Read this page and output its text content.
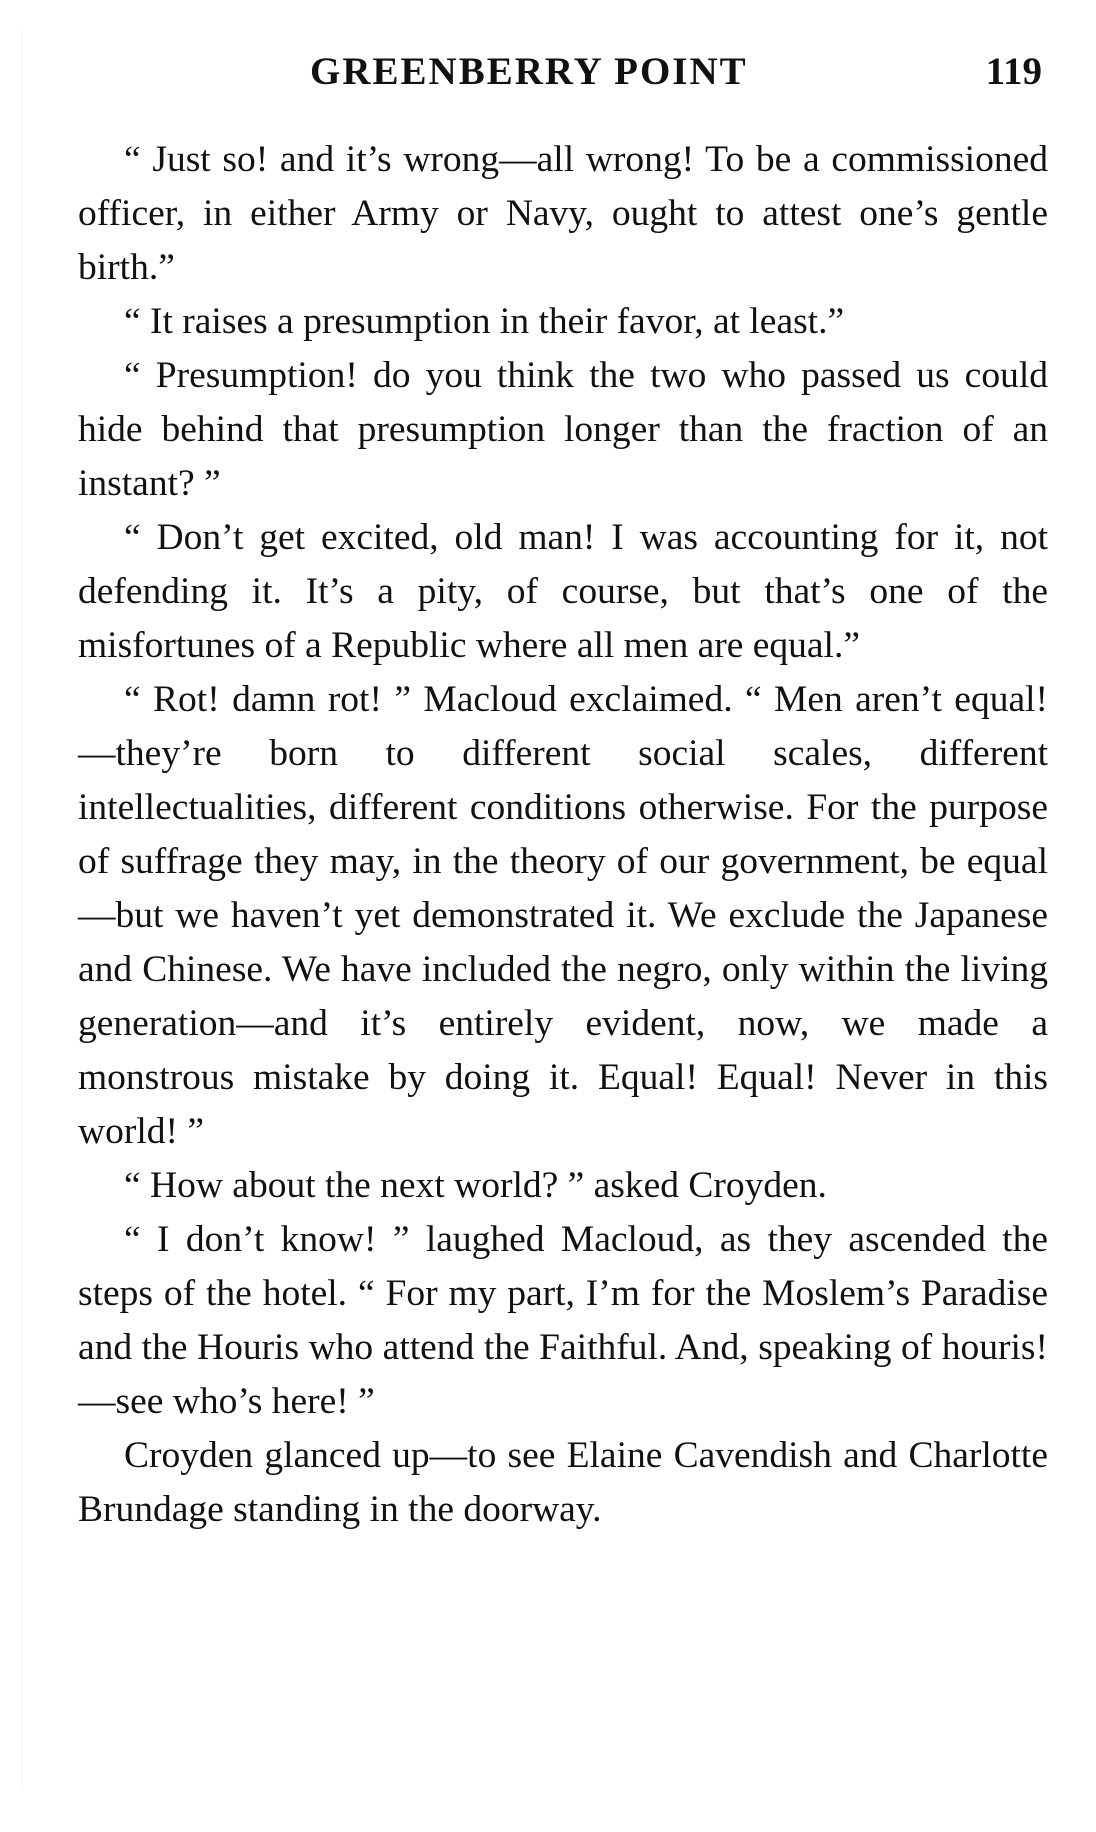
GREENBERRY POINT	119

“ Just so! and it’s wrong—all wrong! To be a commissioned officer, in either Army or Navy, ought to attest one’s gentle birth.”

“ It raises a presumption in their favor, at least.”

“ Presumption! do you think the two who passed us could hide behind that presumption longer than the fraction of an instant? ”

“ Don’t get excited, old man! I was accounting for it, not defending it. It’s a pity, of course, but that’s one of the misfortunes of a Republic where all men are equal.”

“ Rot! damn rot! ” Macloud exclaimed. “ Men aren’t equal!—they’re born to different social scales, different intellectualities, different conditions otherwise. For the purpose of suffrage they may, in the theory of our government, be equal—but we haven’t yet demonstrated it. We exclude the Japanese and Chinese. We have included the negro, only within the living generation—and it’s entirely evident, now, we made a monstrous mistake by doing it. Equal! Equal! Never in this world! ”

“ How about the next world? ” asked Croyden.

“ I don’t know! ” laughed Macloud, as they ascended the steps of the hotel. “ For my part, I’m for the Moslem’s Paradise and the Houris who attend the Faithful. And, speaking of houris!—see who’s here! ”

Croyden glanced up—to see Elaine Cavendish and Charlotte Brundage standing in the doorway.
